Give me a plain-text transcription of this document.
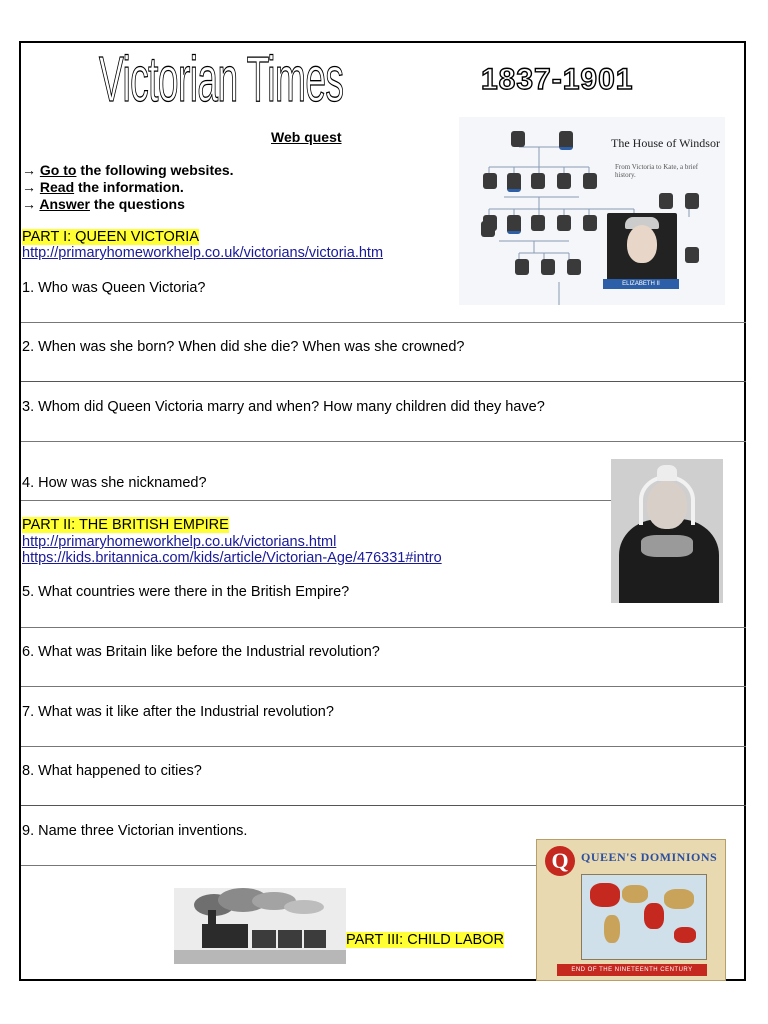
Victorian Times	1837-1901
Web quest
→ Go to the following websites.
→ Read the information.
→ Answer the questions
PART I: QUEEN VICTORIA
http://primaryhomeworkhelp.co.uk/victorians/victoria.htm
1. Who was Queen Victoria?
2. When was she born? When did she die? When was she crowned?
3. Whom did Queen Victoria marry and when? How many children did they have?
4. How was she nicknamed?
PART II: THE BRITISH EMPIRE
http://primaryhomeworkhelp.co.uk/victorians.html
https://kids.britannica.com/kids/article/Victorian-Age/476331#intro
5. What countries were there in the British Empire?
6. What was Britain like before the Industrial revolution?
7. What was it like after the Industrial revolution?
8. What happened to cities?
9. Name three Victorian inventions.
PART III: CHILD LABOR
The House of Windsor
From Victoria to Kate, a brief history.
ELIZABETH II
Q	QUEEN'S DOMINIONS
END OF THE NINETEENTH CENTURY
